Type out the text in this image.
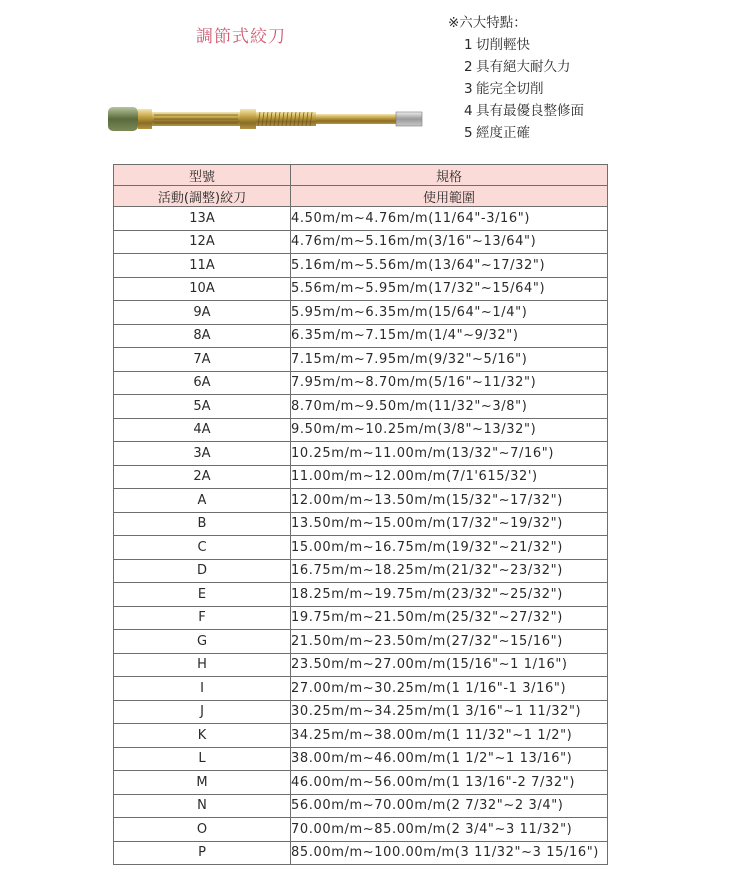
調節式絞刀
※六大特點：
1 切削輕快
2 具有絕大耐久力
3 能完全切削
4 具有最優良整修面
5 經度正確
型號	規格
活動(調整)絞刀	使用範圍
13A	4.50m/m~4.76m/m(11/64"-3/16")
12A	4.76m/m~5.16m/m(3/16"~13/64")
11A	5.16m/m~5.56m/m(13/64"~17/32")
10A	5.56m/m~5.95m/m(17/32"~15/64")
9A	5.95m/m~6.35m/m(15/64"~1/4")
8A	6.35m/m~7.15m/m(1/4"~9/32")
7A	7.15m/m~7.95m/m(9/32"~5/16")
6A	7.95m/m~8.70m/m(5/16"~11/32")
5A	8.70m/m~9.50m/m(11/32"~3/8")
4A	9.50m/m~10.25m/m(3/8"~13/32")
3A	10.25m/m~11.00m/m(13/32"~7/16")
2A	11.00m/m~12.00m/m(7/1'615/32')
A	12.00m/m~13.50m/m(15/32"~17/32")
B	13.50m/m~15.00m/m(17/32"~19/32")
C	15.00m/m~16.75m/m(19/32"~21/32")
D	16.75m/m~18.25m/m(21/32"~23/32")
E	18.25m/m~19.75m/m(23/32"~25/32")
F	19.75m/m~21.50m/m(25/32"~27/32")
G	21.50m/m~23.50m/m(27/32"~15/16")
H	23.50m/m~27.00m/m(15/16"~1 1/16")
I	27.00m/m~30.25m/m(1 1/16"-1 3/16")
J	30.25m/m~34.25m/m(1 3/16"~1 11/32")
K	34.25m/m~38.00m/m(1 11/32"~1 1/2")
L	38.00m/m~46.00m/m(1 1/2"~1 13/16")
M	46.00m/m~56.00m/m(1 13/16"-2 7/32")
N	56.00m/m~70.00m/m(2 7/32"~2 3/4")
O	70.00m/m~85.00m/m(2 3/4"~3 11/32")
P	85.00m/m~100.00m/m(3 11/32"~3 15/16")
